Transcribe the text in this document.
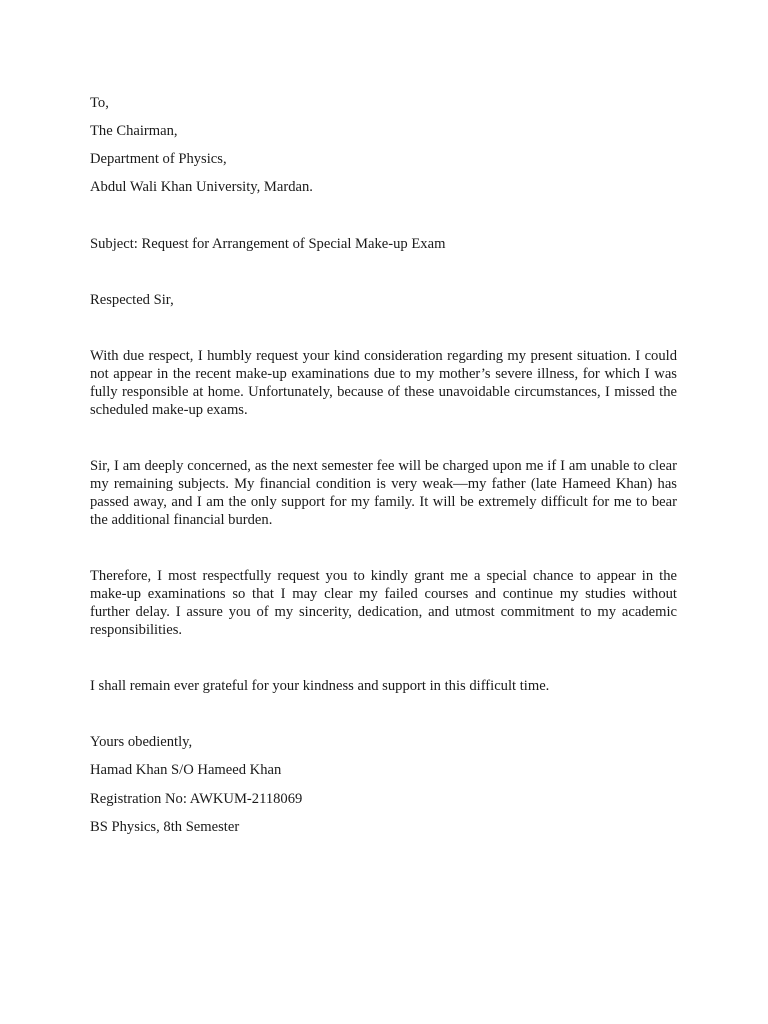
To,
The Chairman,
Department of Physics,
Abdul Wali Khan University, Mardan.
Subject: Request for Arrangement of Special Make-up Exam
Respected Sir,

With due respect, I humbly request your kind consideration regarding my present situation. I could not appear in the recent make-up examinations due to my mother’s severe illness, for which I was fully responsible at home. Unfortunately, because of these unavoidable circumstances, I missed the scheduled make-up exams.

Sir, I am deeply concerned, as the next semester fee will be charged upon me if I am unable to clear my remaining subjects. My financial condition is very weak—my father (late Hameed Khan) has passed away, and I am the only support for my family. It will be extremely difficult for me to bear the additional financial burden.

Therefore, I most respectfully request you to kindly grant me a special chance to appear in the make-up examinations so that I may clear my failed courses and continue my studies without further delay. I assure you of my sincerity, dedication, and utmost commitment to my academic responsibilities.

I shall remain ever grateful for your kindness and support in this difficult time.

Yours obediently,
Hamad Khan S/O Hameed Khan
Registration No: AWKUM-2118069
BS Physics, 8th Semester
